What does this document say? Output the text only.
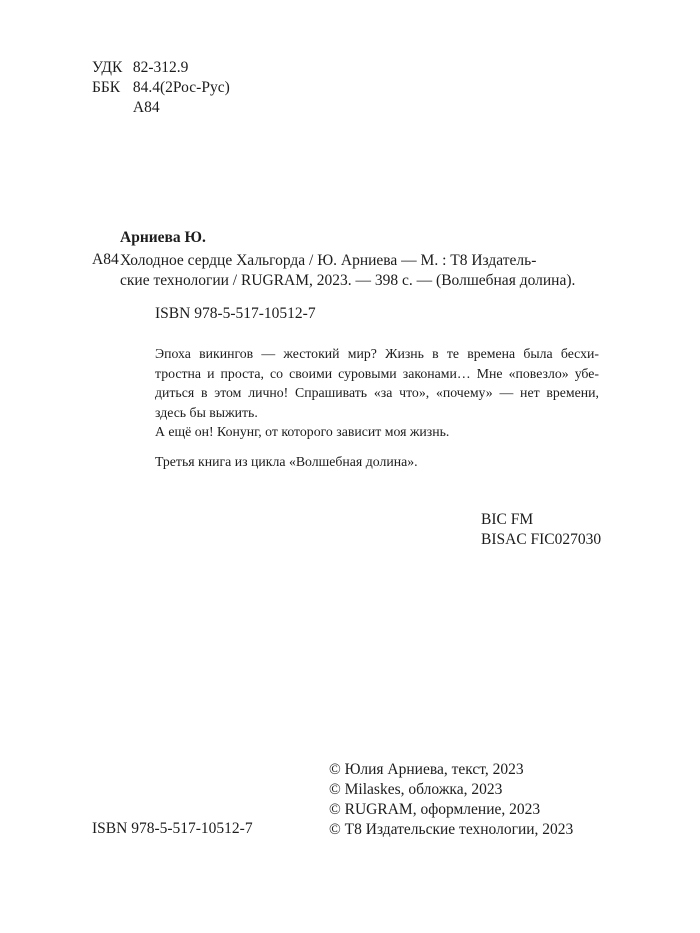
УДК 82-312.9
ББК 84.4(2Рос-Рус)
А84
Арниева Ю.
А84 Холодное сердце Хальгорда / Ю. Арниева — М. : Т8 Издатель-
ские технологии / RUGRAM, 2023. — 398 с. — (Волшебная долина).
ISBN 978-5-517-10512-7
Эпоха викингов — жестокий мир? Жизнь в те времена была бесхи-
тростна и проста, со своими суровыми законами… Мне «повезло» убе-
диться в этом лично! Спрашивать «за что», «почему» — нет времени,
здесь бы выжить.
А ещё он! Конунг, от которого зависит моя жизнь.
Третья книга из цикла «Волшебная долина».
BIC FM
BISAC FIC027030
© Юлия Арниева, текст, 2023
© Milaskes, обложка, 2023
© RUGRAM, оформление, 2023
© Т8 Издательские технологии, 2023
ISBN 978-5-517-10512-7
